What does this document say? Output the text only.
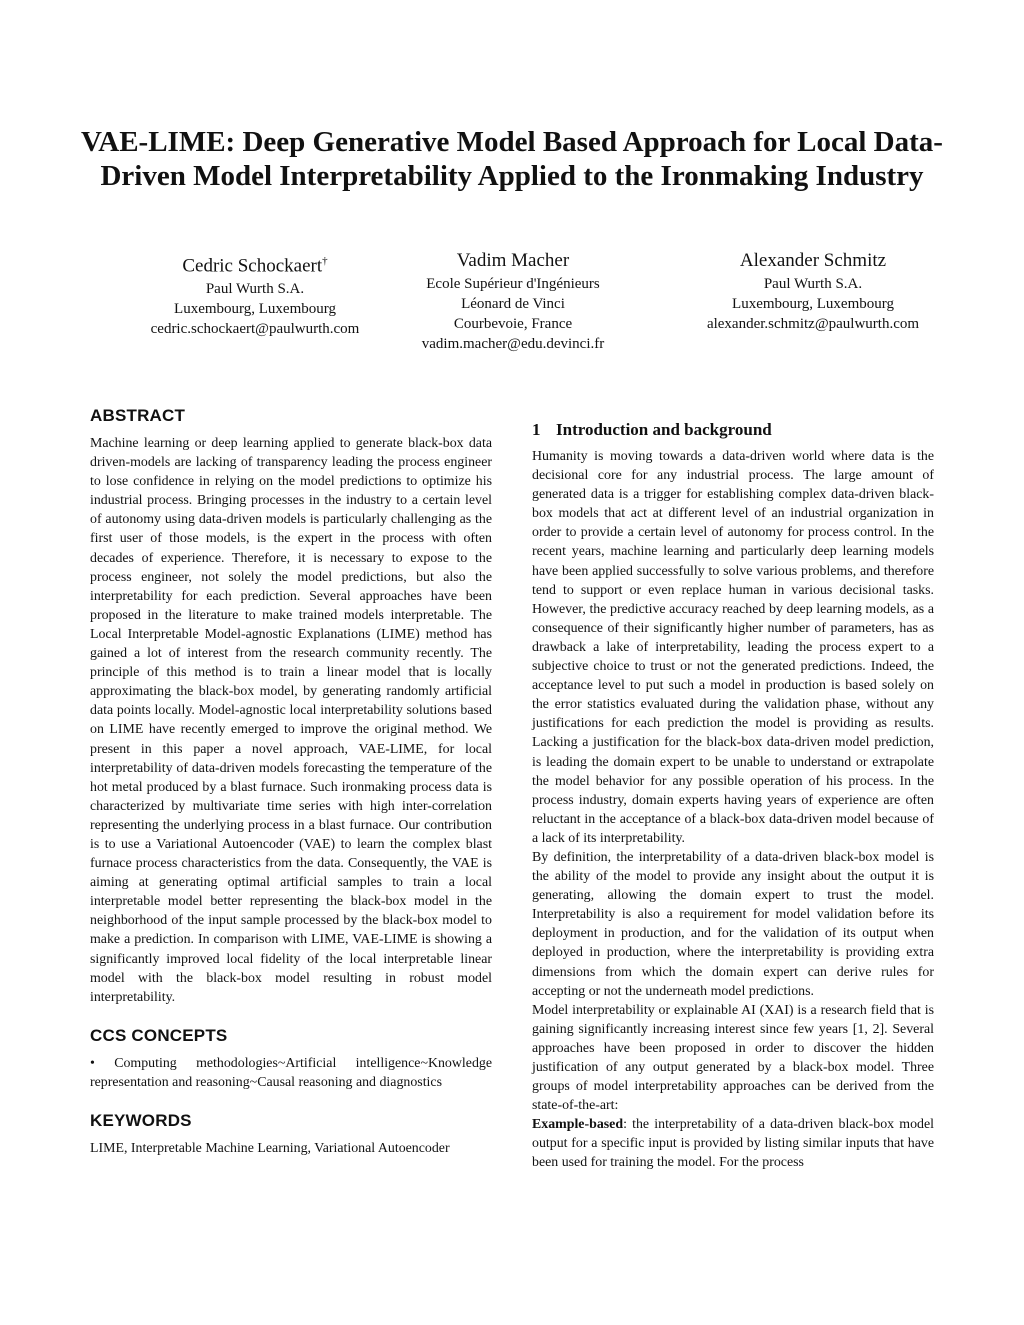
VAE-LIME: Deep Generative Model Based Approach for Local Data-Driven Model Interpretability Applied to the Ironmaking Industry
Cedric Schockaert†
Paul Wurth S.A.
Luxembourg, Luxembourg
cedric.schockaert@paulwurth.com
Vadim Macher
Ecole Supérieur d'Ingénieurs
Léonard de Vinci
Courbevoie, France
vadim.macher@edu.devinci.fr
Alexander Schmitz
Paul Wurth S.A.
Luxembourg, Luxembourg
alexander.schmitz@paulwurth.com
ABSTRACT

Machine learning or deep learning applied to generate black-box data driven-models are lacking of transparency leading the process engineer to lose confidence in relying on the model predictions to optimize his industrial process. Bringing processes in the industry to a certain level of autonomy using data-driven models is particularly challenging as the first user of those models, is the expert in the process with often decades of experience. Therefore, it is necessary to expose to the process engineer, not solely the model predictions, but also the interpretability for each prediction. Several approaches have been proposed in the literature to make trained models interpretable. The Local Interpretable Model-agnostic Explanations (LIME) method has gained a lot of interest from the research community recently. The principle of this method is to train a linear model that is locally approximating the black-box model, by generating randomly artificial data points locally. Model-agnostic local interpretability solutions based on LIME have recently emerged to improve the original method. We present in this paper a novel approach, VAE-LIME, for local interpretability of data-driven models forecasting the temperature of the hot metal produced by a blast furnace. Such ironmaking process data is characterized by multivariate time series with high inter-correlation representing the underlying process in a blast furnace. Our contribution is to use a Variational Autoencoder (VAE) to learn the complex blast furnace process characteristics from the data. Consequently, the VAE is aiming at generating optimal artificial samples to train a local interpretable model better representing the black-box model in the neighborhood of the input sample processed by the black-box model to make a prediction. In comparison with LIME, VAE-LIME is showing a significantly improved local fidelity of the local interpretable linear model with the black-box model resulting in robust model interpretability.

CCS CONCEPTS

• Computing methodologies~Artificial intelligence~Knowledge representation and reasoning~Causal reasoning and diagnostics

KEYWORDS

LIME, Interpretable Machine Learning, Variational Autoencoder

1 Introduction and background

Humanity is moving towards a data-driven world where data is the decisional core for any industrial process. The large amount of generated data is a trigger for establishing complex data-driven black-box models that act at different level of an industrial organization in order to provide a certain level of autonomy for process control. In the recent years, machine learning and particularly deep learning models have been applied successfully to solve various problems, and therefore tend to support or even replace human in various decisional tasks. However, the predictive accuracy reached by deep learning models, as a consequence of their significantly higher number of parameters, has as drawback a lake of interpretability, leading the process expert to a subjective choice to trust or not the generated predictions. Indeed, the acceptance level to put such a model in production is based solely on the error statistics evaluated during the validation phase, without any justifications for each prediction the model is providing as results. Lacking a justification for the black-box data-driven model prediction, is leading the domain expert to be unable to understand or extrapolate the model behavior for any possible operation of his process. In the process industry, domain experts having years of experience are often reluctant in the acceptance of a black-box data-driven model because of a lack of its interpretability.

By definition, the interpretability of a data-driven black-box model is the ability of the model to provide any insight about the output it is generating, allowing the domain expert to trust the model. Interpretability is also a requirement for model validation before its deployment in production, and for the validation of its output when deployed in production, where the interpretability is providing extra dimensions from which the domain expert can derive rules for accepting or not the underneath model predictions.

Model interpretability or explainable AI (XAI) is a research field that is gaining significantly increasing interest since few years [1, 2]. Several approaches have been proposed in order to discover the hidden justification of any output generated by a black-box model. Three groups of model interpretability approaches can be derived from the state-of-the-art:

Example-based: the interpretability of a data-driven black-box model output for a specific input is provided by listing similar inputs that have been used for training the model. For the process
